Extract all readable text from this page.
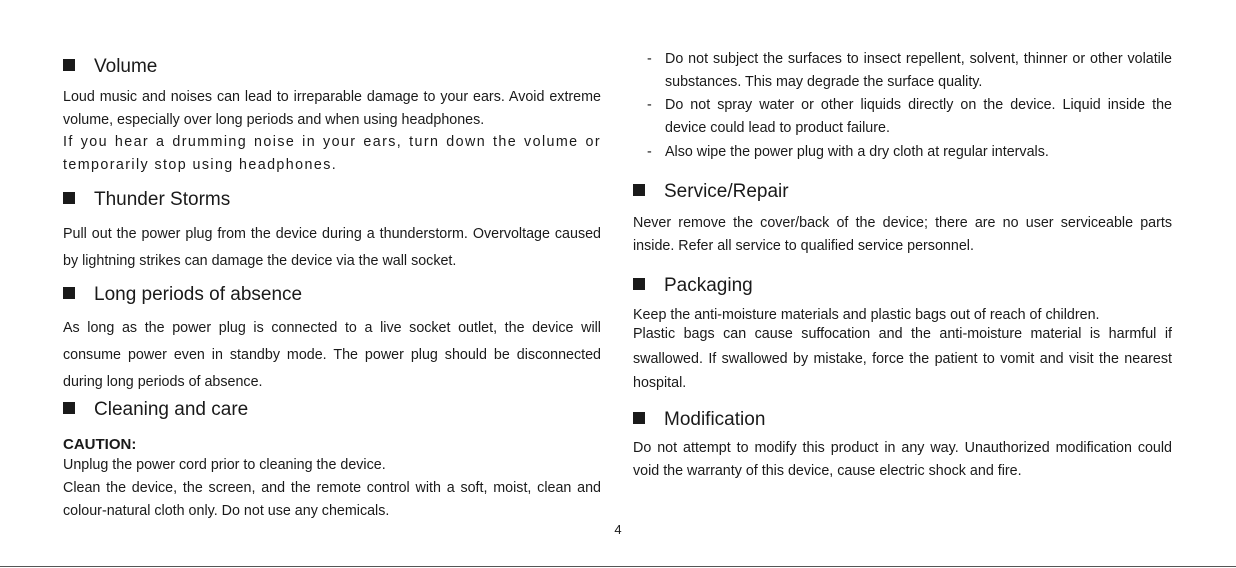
Volume
Loud music and noises can lead to irreparable damage to your ears. Avoid extreme volume, especially over long periods and when using headphones.
If you hear a drumming noise in your ears, turn down the volume or temporarily stop using headphones.
Thunder Storms
Pull out the power plug from the device during a thunderstorm. Overvoltage caused by lightning strikes can damage the device via the wall socket.
Long periods of absence
As long as the power plug is connected to a live socket outlet, the device will consume power even in standby mode. The power plug should be disconnected during long periods of absence.
Cleaning and care
CAUTION:
Unplug the power cord prior to cleaning the device.
Clean the device, the screen, and the remote control with a soft, moist, clean and colour-natural cloth only. Do not use any chemicals.
- Do not subject the surfaces to insect repellent, solvent, thinner or other volatile substances. This may degrade the surface quality.
- Do not spray water or other liquids directly on the device. Liquid inside the device could lead to product failure.
- Also wipe the power plug with a dry cloth at regular intervals.
Service/Repair
Never remove the cover/back of the device; there are no user serviceable parts inside. Refer all service to qualified service personnel.
Packaging
Keep the anti-moisture materials and plastic bags out of reach of children.
Plastic bags can cause suffocation and the anti-moisture material is harmful if swallowed. If swallowed by mistake, force the patient to vomit and visit the nearest hospital.
Modification
Do not attempt to modify this product in any way. Unauthorized modification could void the warranty of this device, cause electric shock and fire.
4
